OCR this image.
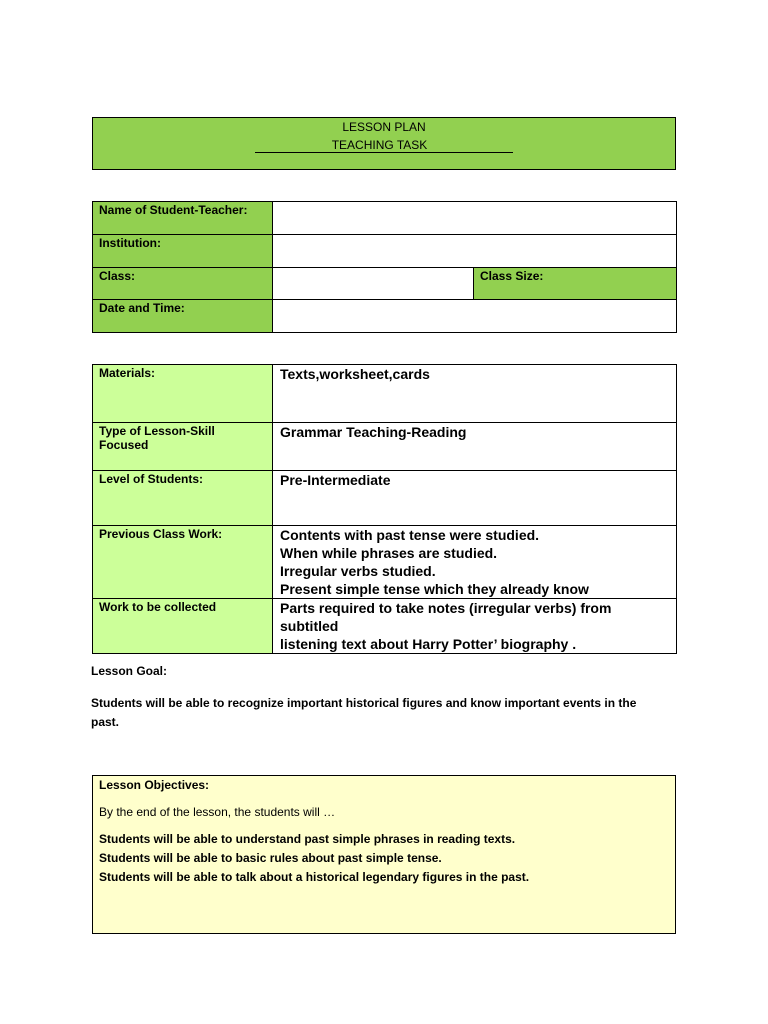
LESSON PLAN
TEACHING TASK
Name of Student-Teacher:		
Institution:		
Class:		Class Size:
Date and Time:		
Materials:	Texts,worksheet,cards
Type of Lesson-Skill Focused	Grammar Teaching-Reading
Level of Students:	Pre-Intermediate
Previous Class Work:	Contents with past tense were studied.
When while phrases are studied.
Irregular verbs studied.
Present simple tense which they already know

Work to be collected	Parts required to take notes (irregular verbs) from subtitled
listening text about Harry Potter’ biography .
Lesson Goal:
Students will be able to recognize important historical figures and know important events in the
past.
Lesson Objectives:
By the end of the lesson, the students will …
Students will be able to understand past simple phrases in reading texts.
Students will be able to basic rules about past simple tense.
Students will be able to talk about a historical legendary figures in the past.
